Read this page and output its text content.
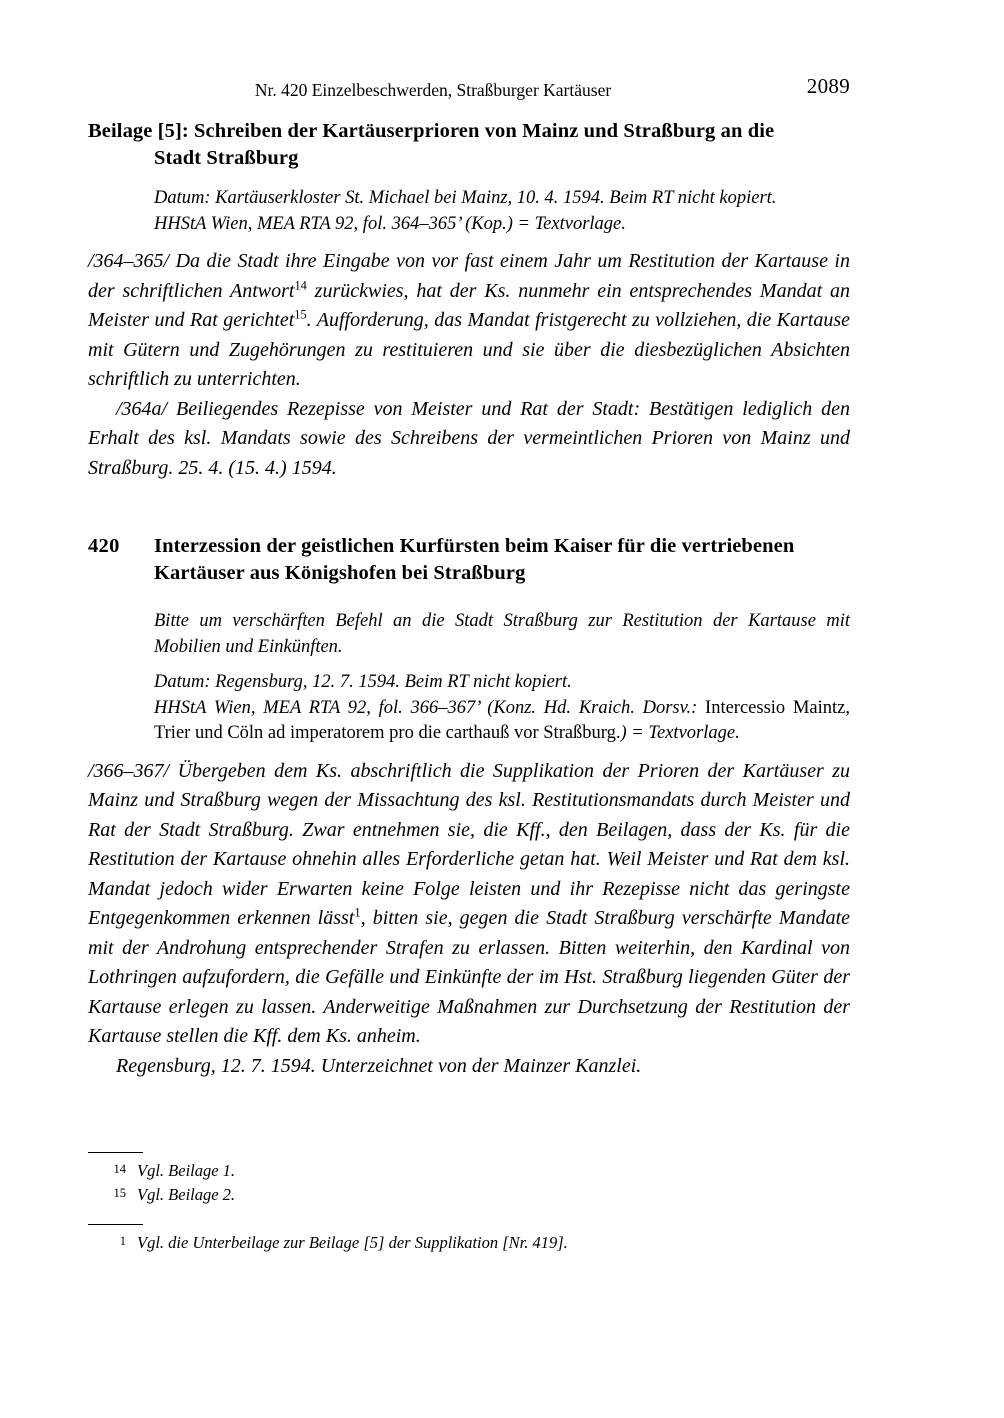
Nr. 420 Einzelbeschwerden, Straßburger Kartäuser	2089
Beilage [5]: Schreiben der Kartäuserprioren von Mainz und Straßburg an die
Stadt Straßburg

Datum: Kartäuserkloster St. Michael bei Mainz, 10. 4. 1594. Beim RT nicht kopiert.

HHStA Wien, MEA RTA 92, fol. 364–365’ (Kop.) = Textvorlage.

/364–365/ Da die Stadt ihre Eingabe von vor fast einem Jahr um Restitution der Kartause in der schriftlichen Antwort$^{14}$ zurückwies, hat der Ks. nunmehr ein entsprechendes Mandat an Meister und Rat gerichtet$^{15}$. Aufforderung, das Mandat fristgerecht zu vollziehen, die Kartause mit Gütern und Zugehörungen zu restituieren und sie über die diesbezüglichen Absichten schriftlich zu unterrichten.

/364a/ Beiliegendes Rezepisse von Meister und Rat der Stadt: Bestätigen lediglich den Erhalt des ksl. Mandats sowie des Schreibens der vermeintlichen Prioren von Mainz und Straßburg. 25. 4. (15. 4.) 1594.

420 Interzession der geistlichen Kurfürsten beim Kaiser für die vertriebenen
Kartäuser aus Königshofen bei Straßburg

Bitte um verschärften Befehl an die Stadt Straßburg zur Restitution der Kartause mit Mobilien und Einkünften.

Datum: Regensburg, 12. 7. 1594. Beim RT nicht kopiert.

HHStA Wien, MEA RTA 92, fol. 366–367’ (Konz. Hd. Kraich. Dorsv.: Intercessio Maintz, Trier und Cöln ad imperatorem pro die carthauß vor Straßburg.) = Textvorlage.

/366–367/ Übergeben dem Ks. abschriftlich die Supplikation der Prioren der Kartäuser zu Mainz und Straßburg wegen der Missachtung des ksl. Restitutionsmandats durch Meister und Rat der Stadt Straßburg. Zwar entnehmen sie, die Kff., den Beilagen, dass der Ks. für die Restitution der Kartause ohnehin alles Erforderliche getan hat. Weil Meister und Rat dem ksl. Mandat jedoch wider Erwarten keine Folge leisten und ihr Rezepisse nicht das geringste Entgegenkommen erkennen lässt$^1$, bitten sie, gegen die Stadt Straßburg verschärfte Mandate mit der Androhung entsprechender Strafen zu erlassen. Bitten weiterhin, den Kardinal von Lothringen aufzufordern, die Gefälle und Einkünfte der im Hst. Straßburg liegenden Güter der Kartause erlegen zu lassen. Anderweitige Maßnahmen zur Durchsetzung der Restitution der Kartause stellen die Kff. dem Ks. anheim.

Regensburg, 12. 7. 1594. Unterzeichnet von der Mainzer Kanzlei.

14 Vgl. Beilage 1.
15 Vgl. Beilage 2.
1 Vgl. die Unterbeilage zur Beilage [5] der Supplikation [Nr. 419].
